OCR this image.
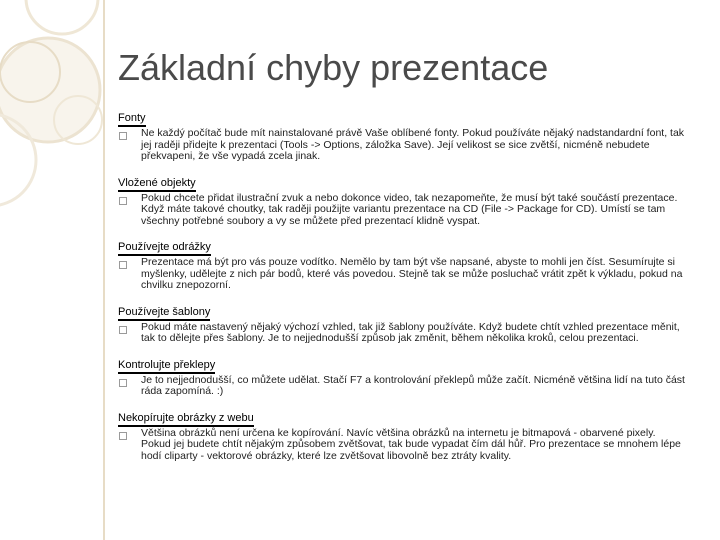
Základní chyby prezentace
Fonty
Ne každý počítač bude mít nainstalované právě Vaše oblíbené fonty. Pokud používáte nějaký nadstandardní font, tak jej raději přidejte k prezentaci (Tools -> Options, záložka Save). Její velikost se sice zvětší, nicméně nebudete překvapeni, že vše vypadá zcela jinak.
Vložené objekty
Pokud chcete přidat ilustrační zvuk a nebo dokonce video, tak nezapomeňte, že musí být také součástí prezentace. Když máte takové choutky, tak raději použijte variantu prezentace na CD (File -> Package for CD). Umístí se tam všechny potřebné soubory a vy se můžete před prezentací klidně vyspat.
Používejte odrážky
Prezentace má být pro vás pouze vodítko. Nemělo by tam být vše napsané, abyste to mohli jen číst. Sesumírujte si myšlenky, udělejte z nich pár bodů, které vás povedou. Stejně tak se může posluchač vrátit zpět k výkladu, pokud na chvilku znepozorní.
Používejte šablony
Pokud máte nastavený nějaký výchozí vzhled, tak již šablony používáte. Když budete chtít vzhled prezentace měnit, tak to dělejte přes šablony. Je to nejjednodušší způsob jak změnit, během několika kroků, celou prezentaci.
Kontrolujte překlepy
Je to nejjednodušší, co můžete udělat. Stačí F7 a kontrolování překlepů může začít. Nicméně většina lidí na tuto část ráda zapomíná. :)
Nekopírujte obrázky z webu
Většina obrázků není určena ke kopírování. Navíc většina obrázků na internetu je bitmapová - obarvené pixely. Pokud jej budete chtít nějakým způsobem zvětšovat, tak bude vypadat čím dál hůř. Pro prezentace se mnohem lépe hodí cliparty - vektorové obrázky, které lze zvětšovat libovolně bez ztráty kvality.
